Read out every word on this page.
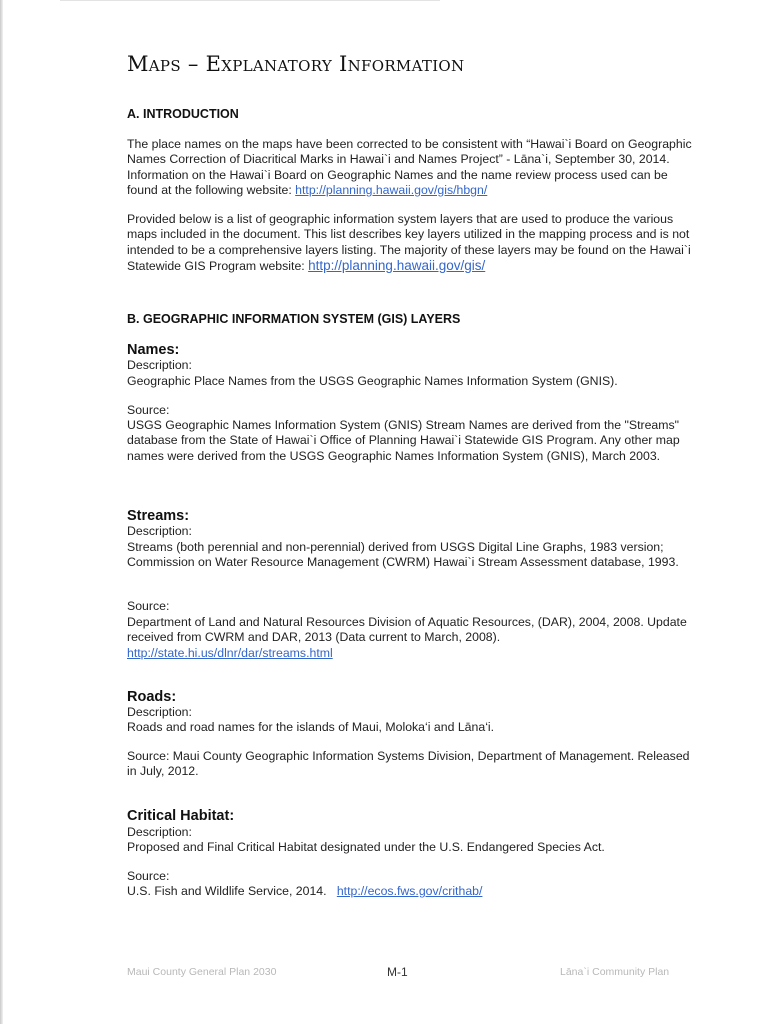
Maps – Explanatory Information
A. INTRODUCTION

The place names on the maps have been corrected to be consistent with “Hawai`i Board on Geographic Names Correction of Diacritical Marks in Hawai`i and Names Project” - Lāna`i, September 30, 2014. Information on the Hawai`i Board on Geographic Names and the name review process used can be found at the following website: http://planning.hawaii.gov/gis/hbgn/

Provided below is a list of geographic information system layers that are used to produce the various maps included in the document. This list describes key layers utilized in the mapping process and is not intended to be a comprehensive layers listing. The majority of these layers may be found on the Hawai`i Statewide GIS Program website: http://planning.hawaii.gov/gis/

B. GEOGRAPHIC INFORMATION SYSTEM (GIS) LAYERS
Names:

Description:

Geographic Place Names from the USGS Geographic Names Information System (GNIS).

Source:

USGS Geographic Names Information System (GNIS) Stream Names are derived from the "Streams" database from the State of Hawai`i Office of Planning Hawai`i Statewide GIS Program. Any other map names were derived from the USGS Geographic Names Information System (GNIS), March 2003.

Streams:

Description:

Streams (both perennial and non-perennial) derived from USGS Digital Line Graphs, 1983 version; Commission on Water Resource Management (CWRM) Hawai`i Stream Assessment database, 1993.

Source:

Department of Land and Natural Resources Division of Aquatic Resources, (DAR), 2004, 2008. Update received from CWRM and DAR, 2013 (Data current to March, 2008).
http://state.hi.us/dlnr/dar/streams.html

Roads:

Description:

Roads and road names for the islands of Maui, Moloka‘i and Lāna‘i.

Source: Maui County Geographic Information Systems Division, Department of Management. Released in July, 2012.

Critical Habitat:

Description:

Proposed and Final Critical Habitat designated under the U.S. Endangered Species Act.

Source:

U.S. Fish and Wildlife Service, 2014. http://ecos.fws.gov/crithab/

Maui County General Plan 2030	M-1	Lāna`i Community Plan
